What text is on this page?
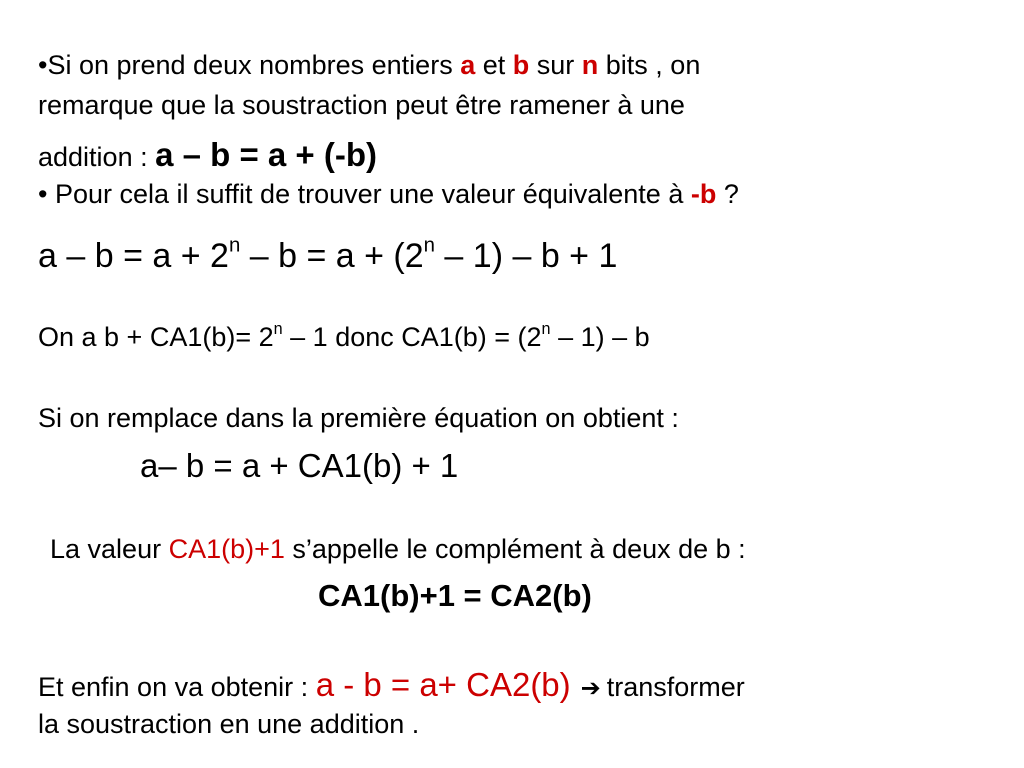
•Si on prend deux nombres entiers a et b sur n bits , on
remarque que la soustraction peut être ramener à une
addition : a – b = a + (-b)
• Pour cela il suffit de trouver une valeur équivalente à -b ?
$a - b = a + 2^n - b = a + (2^n - 1) - b + 1$
On a $b + CA1(b)= 2^n - 1$ donc $CA1(b) = (2^n - 1) - b$
Si on remplace dans la première équation on obtient :
a– b = a + CA1(b) + 1
La valeur CA1(b)+1 s’appelle le complément à deux de b :
CA1(b)+1 = CA2(b)
Et enfin on va obtenir : a - b = a+ CA2(b) ➔ transformer
la soustraction en une addition .
